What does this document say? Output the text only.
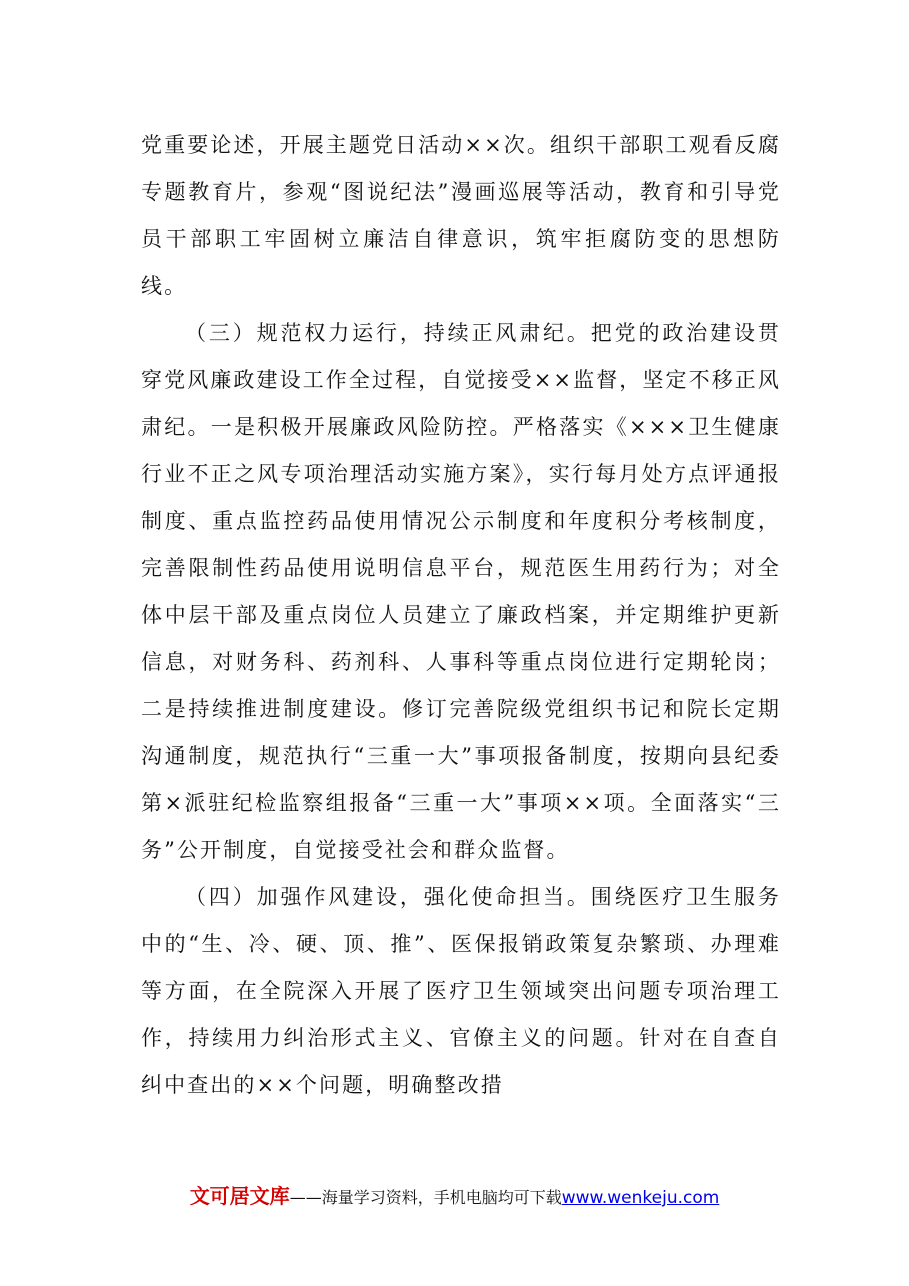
党重要论述，开展主题党日活动××次。组织干部职工观看反腐专题教育片，参观“图说纪法”漫画巡展等活动，教育和引导党员干部职工牢固树立廉洁自律意识，筑牢拒腐防变的思想防线。

（三）规范权力运行，持续正风肃纪。把党的政治建设贯穿党风廉政建设工作全过程，自觉接受××监督，坚定不移正风肃纪。一是积极开展廉政风险防控。严格落实《×××卫生健康行业不正之风专项治理活动实施方案》，实行每月处方点评通报制度、重点监控药品使用情况公示制度和年度积分考核制度，完善限制性药品使用说明信息平台，规范医生用药行为；对全体中层干部及重点岗位人员建立了廉政档案，并定期维护更新信息，对财务科、药剂科、人事科等重点岗位进行定期轮岗；二是持续推进制度建设。修订完善院级党组织书记和院长定期沟通制度，规范执行“三重一大”事项报备制度，按期向县纪委第×派驻纪检监察组报备“三重一大”事项××项。全面落实“三务”公开制度，自觉接受社会和群众监督。

（四）加强作风建设，强化使命担当。围绕医疗卫生服务中的“生、冷、硬、顶、推”、医保报销政策复杂繁琐、办理难等方面，在全院深入开展了医疗卫生领域突出问题专项治理工作，持续用力纠治形式主义、官僚主义的问题。针对在自查自纠中查出的××个问题，明确整改措

文可居文库 ——海量学习资料，手机电脑均可下载 www.wenkeju.com
